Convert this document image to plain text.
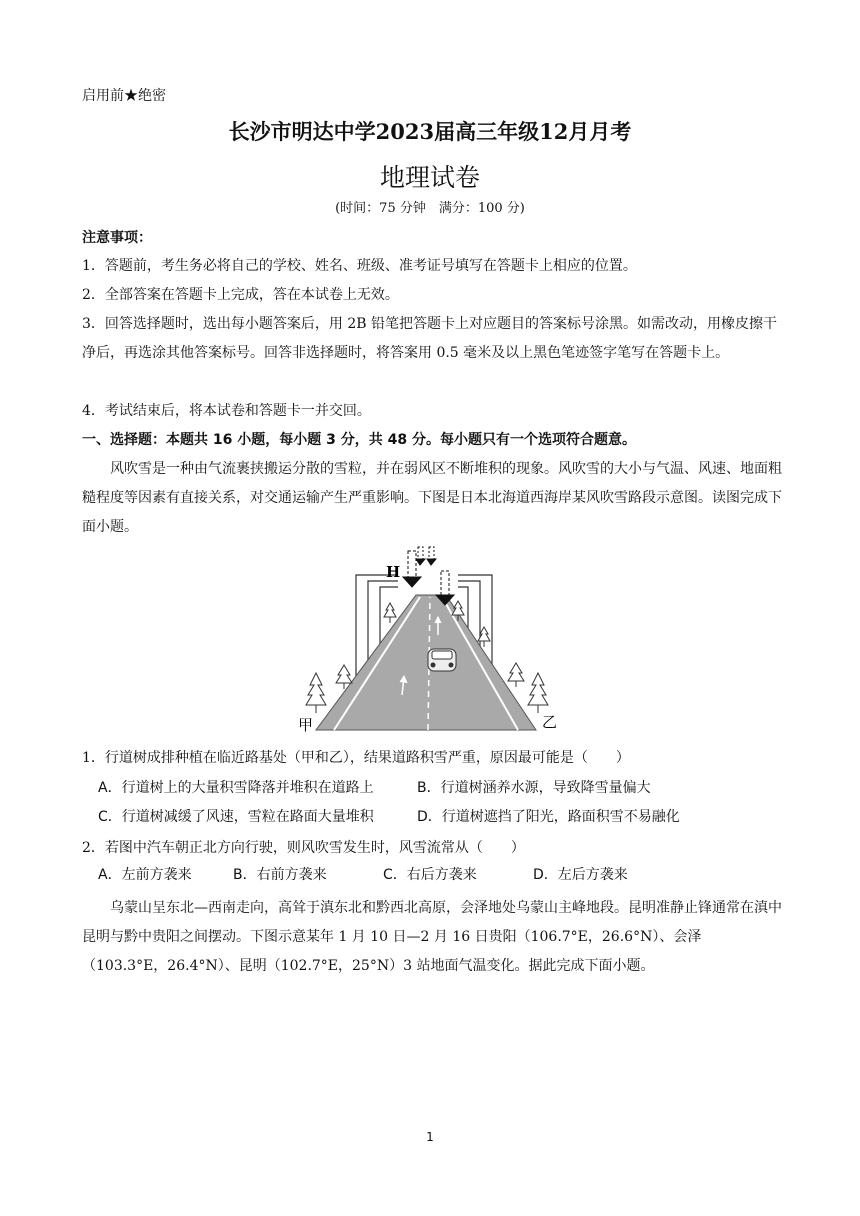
启用前★绝密
长沙市明达中学2023届高三年级12月月考
地理试卷
(时间：75 分钟　满分：100 分)
注意事项：
1．答题前，考生务必将自己的学校、姓名、班级、准考证号填写在答题卡上相应的位置。
2．全部答案在答题卡上完成，答在本试卷上无效。
3．回答选择题时，选出每小题答案后，用 2B 铅笔把答题卡上对应题目的答案标号涂黑。如需改动，用橡皮擦干净后，再选涂其他答案标号。回答非选择题时，将答案用 0.5 毫米及以上黑色笔迹签字笔写在答题卡上。
4．考试结束后，将本试卷和答题卡一并交回。
一、选择题：本题共 16 小题，每小题 3 分，共 48 分。每小题只有一个选项符合题意。
风吹雪是一种由气流裹挟搬运分散的雪粒，并在弱风区不断堆积的现象。风吹雪的大小与气温、风速、地面粗糙程度等因素有直接关系，对交通运输产生严重影响。下图是日本北海道西海岸某风吹雪路段示意图。读图完成下面小题。
H
甲	乙
1．行道树成排种植在临近路基处（甲和乙），结果道路积雪严重，原因最可能是（　　）
A．行道树上的大量积雪降落并堆积在道路上	B．行道树涵养水源，导致降雪量偏大
C．行道树减缓了风速，雪粒在路面大量堆积	D．行道树遮挡了阳光，路面积雪不易融化
2．若图中汽车朝正北方向行驶，则风吹雪发生时，风雪流常从（　　）
A．左前方袭来	B．右前方袭来	C．右后方袭来	D．左后方袭来
乌蒙山呈东北—西南走向，高耸于滇东北和黔西北高原，会泽地处乌蒙山主峰地段。昆明准静止锋通常在滇中昆明与黔中贵阳之间摆动。下图示意某年 1 月 10 日—2 月 16 日贵阳（106.7°E，26.6°N）、会泽（103.3°E，26.4°N）、昆明（102.7°E，25°N）3 站地面气温变化。据此完成下面小题。
1
